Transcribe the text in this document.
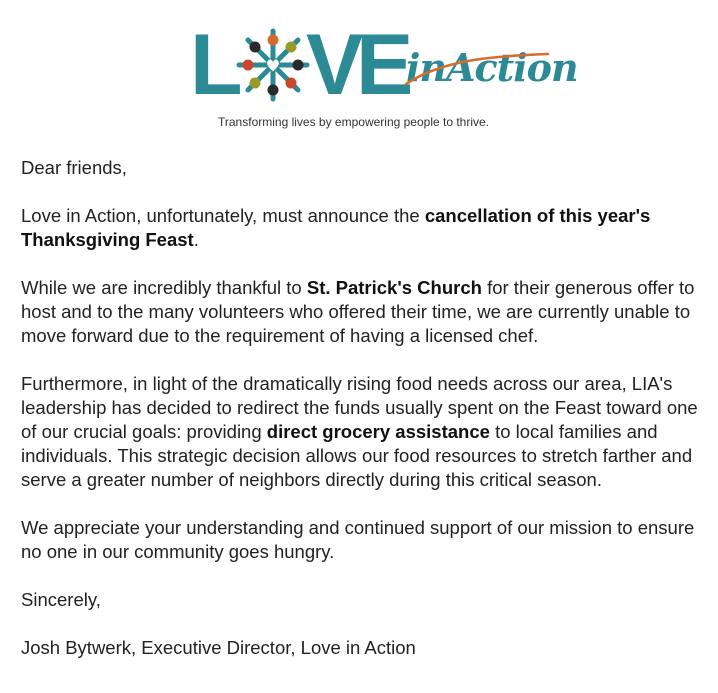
L V
E
inAction
Transforming lives by empowering people to thrive.

Dear friends,

Love in Action, unfortunately, must announce the cancellation of this year's Thanksgiving Feast.

While we are incredibly thankful to St. Patrick's Church for their generous offer to host and to the many volunteers who offered their time, we are currently unable to move forward due to the requirement of having a licensed chef.

Furthermore, in light of the dramatically rising food needs across our area, LIA's leadership has decided to redirect the funds usually spent on the Feast toward one of our crucial goals: providing direct grocery assistance to local families and individuals. This strategic decision allows our food resources to stretch farther and serve a greater number of neighbors directly during this critical season.

We appreciate your understanding and continued support of our mission to ensure no one in our community goes hungry.

Sincerely,

Josh Bytwerk, Executive Director, Love in Action
